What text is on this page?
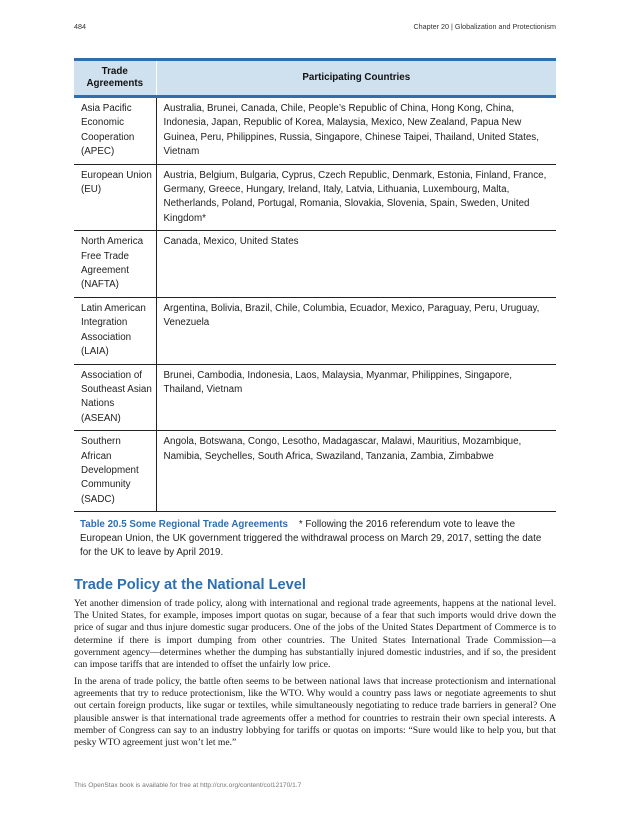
484	Chapter 20 | Globalization and Protectionism
Trade Agreements	Participating Countries
Asia Pacific Economic Cooperation (APEC)	Australia, Brunei, Canada, Chile, People’s Republic of China, Hong Kong, China, Indonesia, Japan, Republic of Korea, Malaysia, Mexico, New Zealand, Papua New Guinea, Peru, Philippines, Russia, Singapore, Chinese Taipei, Thailand, United States, Vietnam
European Union (EU)	Austria, Belgium, Bulgaria, Cyprus, Czech Republic, Denmark, Estonia, Finland, France, Germany, Greece, Hungary, Ireland, Italy, Latvia, Lithuania, Luxembourg, Malta, Netherlands, Poland, Portugal, Romania, Slovakia, Slovenia, Spain, Sweden, United Kingdom*
North America Free Trade Agreement (NAFTA)	Canada, Mexico, United States
Latin American Integration Association (LAIA)	Argentina, Bolivia, Brazil, Chile, Columbia, Ecuador, Mexico, Paraguay, Peru, Uruguay, Venezuela
Association of Southeast Asian Nations (ASEAN)	Brunei, Cambodia, Indonesia, Laos, Malaysia, Myanmar, Philippines, Singapore, Thailand, Vietnam
Southern African Development Community (SADC)	Angola, Botswana, Congo, Lesotho, Madagascar, Malawi, Mauritius, Mozambique, Namibia, Seychelles, South Africa, Swaziland, Tanzania, Zambia, Zimbabwe

Table 20.5 Some Regional Trade Agreements * Following the 2016 referendum vote to leave the European Union, the UK government triggered the withdrawal process on March 29, 2017, setting the date for the UK to leave by April 2019.

Trade Policy at the National Level

Yet another dimension of trade policy, along with international and regional trade agreements, happens at the national level. The United States, for example, imposes import quotas on sugar, because of a fear that such imports would drive down the price of sugar and thus injure domestic sugar producers. One of the jobs of the United States Department of Commerce is to determine if there is import dumping from other countries. The United States International Trade Commission—a government agency—determines whether the dumping has substantially injured domestic industries, and if so, the president can impose tariffs that are intended to offset the unfairly low price.

In the arena of trade policy, the battle often seems to be between national laws that increase protectionism and international agreements that try to reduce protectionism, like the WTO. Why would a country pass laws or negotiate agreements to shut out certain foreign products, like sugar or textiles, while simultaneously negotiating to reduce trade barriers in general? One plausible answer is that international trade agreements offer a method for countries to restrain their own special interests. A member of Congress can say to an industry lobbying for tariffs or quotas on imports: “Sure would like to help you, but that pesky WTO agreement just won’t let me.”

This OpenStax book is available for free at http://cnx.org/content/col12170/1.7
